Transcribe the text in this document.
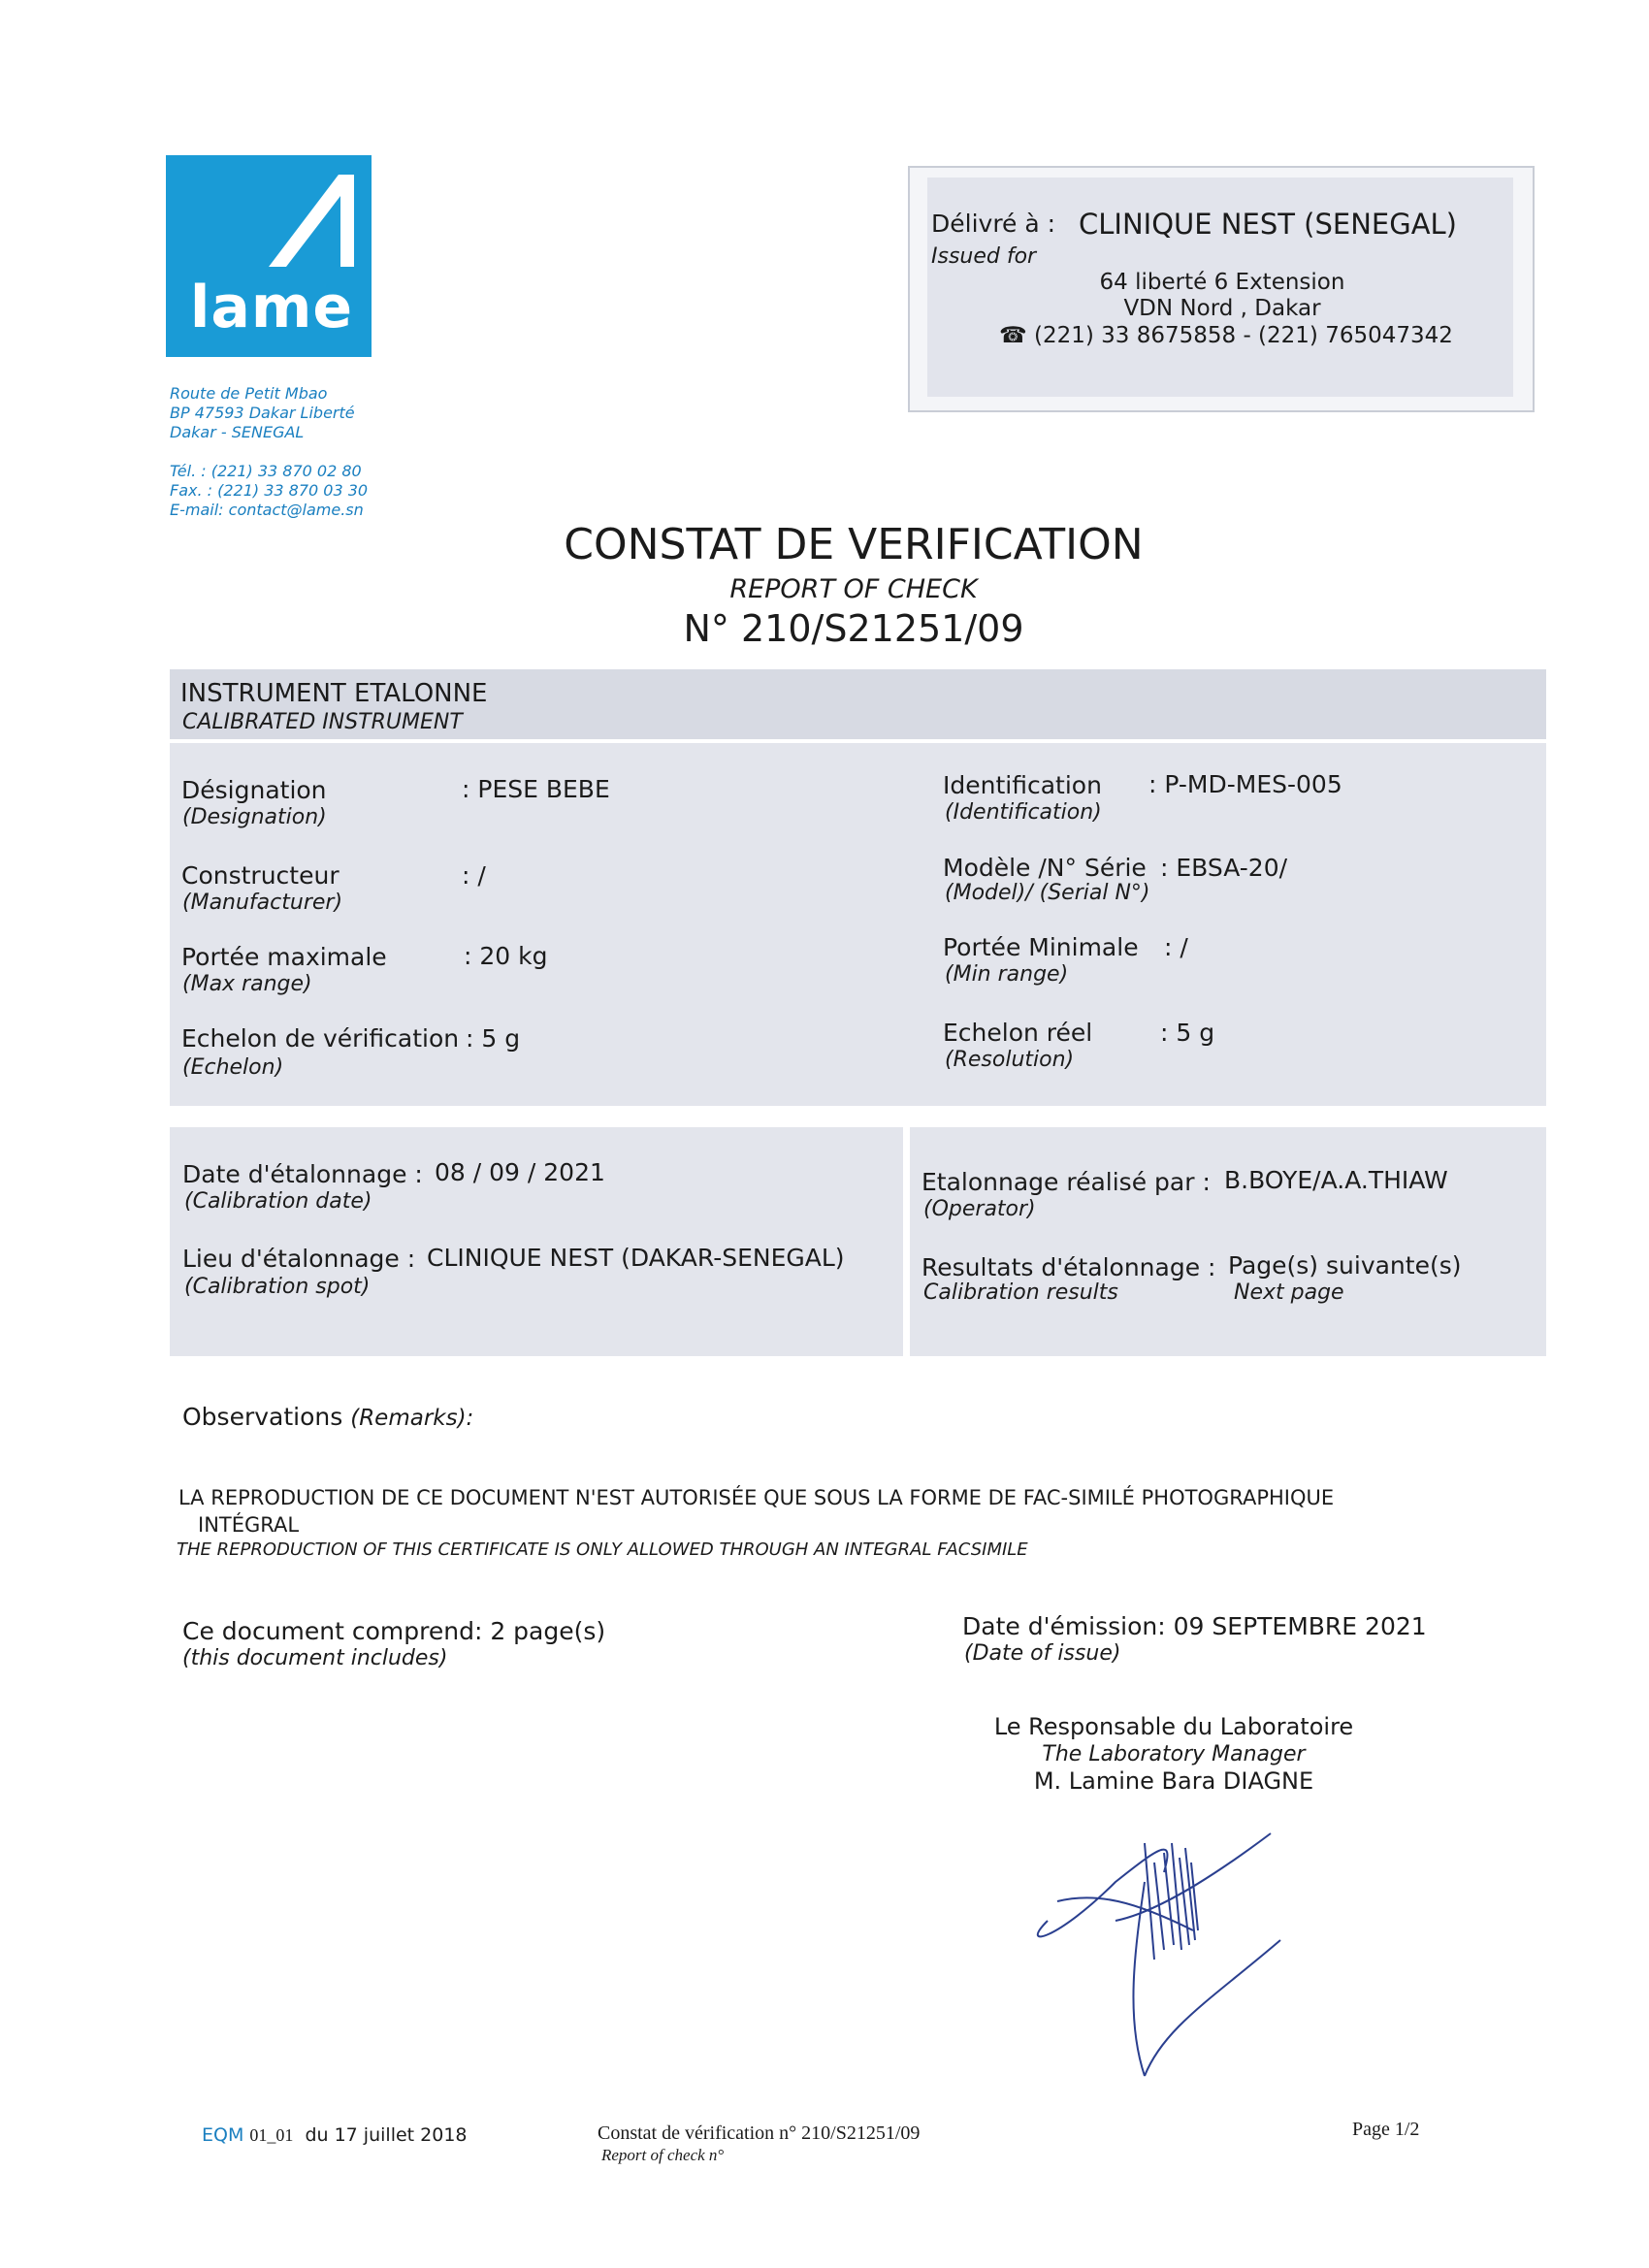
lame
Route de Petit Mbao
BP 47593 Dakar Liberté
Dakar - SENEGAL
Tél. : (221) 33 870 02 80
Fax. : (221) 33 870 03 30
E-mail: contact@lame.sn
Délivré à : CLINIQUE NEST (SENEGAL)
Issued for
64 liberté 6 Extension
VDN Nord , Dakar
☎ (221) 33 8675858 - (221) 765047342
CONSTAT DE VERIFICATION
REPORT OF CHECK
N° 210/S21251/09
INSTRUMENT ETALONNE
CALIBRATED INSTRUMENT
Désignation
(Designation)
: PESE BEBE
Constructeur
(Manufacturer)
: /
Portée maximale
(Max range)
: 20 kg
Echelon de vérification
(Echelon)
: 5 g
Identification
(Identification)
: P-MD-MES-005
Modèle /N° Série
(Model)/ (Serial N°)
: EBSA-20/
Portée Minimale
(Min range)
: /
Echelon réel
(Resolution)
: 5 g
Date d'étalonnage : 08 / 09 / 2021
(Calibration date)
Lieu d'étalonnage : CLINIQUE NEST (DAKAR-SENEGAL)
(Calibration spot)
Etalonnage réalisé par : B.BOYE/A.A.THIAW
(Operator)
Resultats d'étalonnage : Page(s) suivante(s)
Calibration results	Next page
Observations (Remarks):
LA REPRODUCTION DE CE DOCUMENT N'EST AUTORISÉE QUE SOUS LA FORME DE FAC-SIMILÉ PHOTOGRAPHIQUE
INTÉGRAL
THE REPRODUCTION OF THIS CERTIFICATE IS ONLY ALLOWED THROUGH AN INTEGRAL FACSIMILE
Ce document comprend: 2 page(s)
(this document includes)
Date d'émission: 09 SEPTEMBRE 2021
(Date of issue)
Le Responsable du Laboratoire
The Laboratory Manager
M. Lamine Bara DIAGNE
EQM 01_01 du 17 juillet 2018	Constat de vérification n° 210/S21251/09
Report of check n°
Page 1/2
